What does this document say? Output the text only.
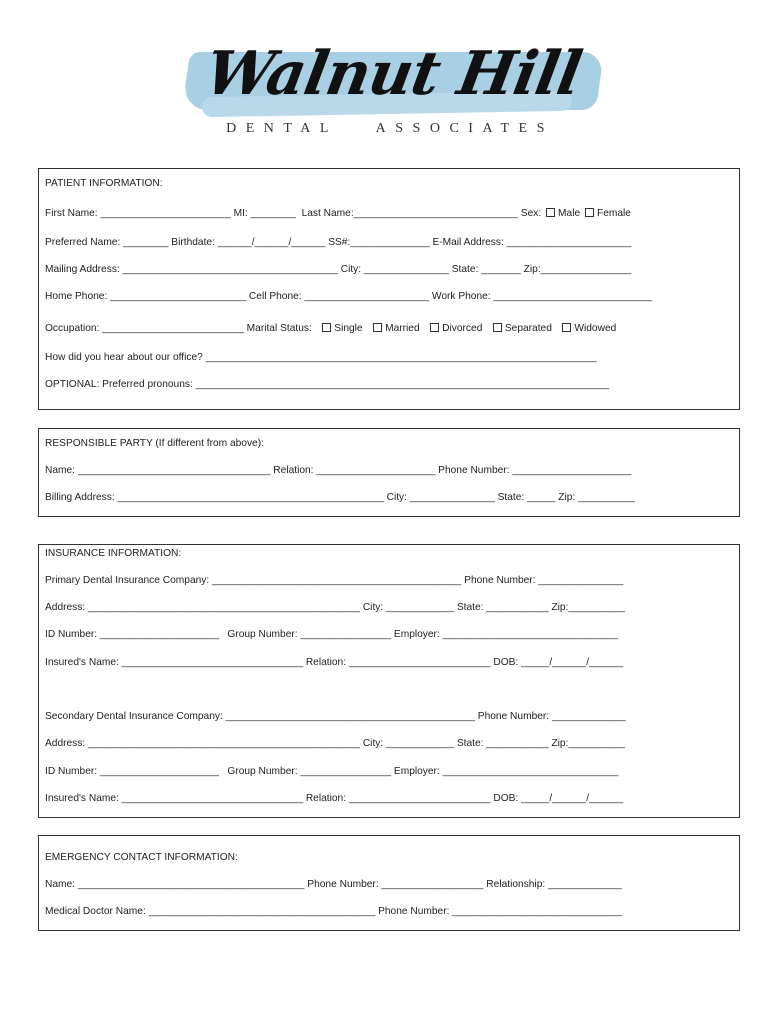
Walnut Hill
DENTAL   ASSOCIATES
PATIENT INFORMATION:
First Name: _______________________ MI: ________  Last Name:_____________________________ Sex: Male Female
Preferred Name: ________ Birthdate: ______/______/______ SS#:______________ E-Mail Address: ______________________
Mailing Address: ______________________________________ City: _______________ State: _______ Zip:________________
Home Phone: ________________________ Cell Phone: ______________________ Work Phone: ____________________________
Occupation: _________________________ Marital Status: Single Married Divorced Separated Widowed
How did you hear about our office? _____________________________________________________________________
OPTIONAL: Preferred pronouns: _________________________________________________________________________
RESPONSIBLE PARTY (If different from above):
Name: __________________________________ Relation: _____________________ Phone Number: _____________________
Billing Address: _______________________________________________ City: _______________ State: _____ Zip: __________
INSURANCE INFORMATION:
Primary Dental Insurance Company: ____________________________________________ Phone Number: _______________
Address: ________________________________________________ City: ____________ State: ___________ Zip:__________
ID Number: _____________________   Group Number: ________________ Employer: _______________________________
Insured's Name: ________________________________ Relation: _________________________ DOB: _____/______/______
Secondary Dental Insurance Company: ____________________________________________ Phone Number: _____________
Address: ________________________________________________ City: ____________ State: ___________ Zip:__________
ID Number: _____________________   Group Number: ________________ Employer: _______________________________
Insured's Name: ________________________________ Relation: _________________________ DOB: _____/______/______
EMERGENCY CONTACT INFORMATION:
Name: ________________________________________ Phone Number: __________________ Relationship: _____________
Medical Doctor Name: ________________________________________ Phone Number: ______________________________
